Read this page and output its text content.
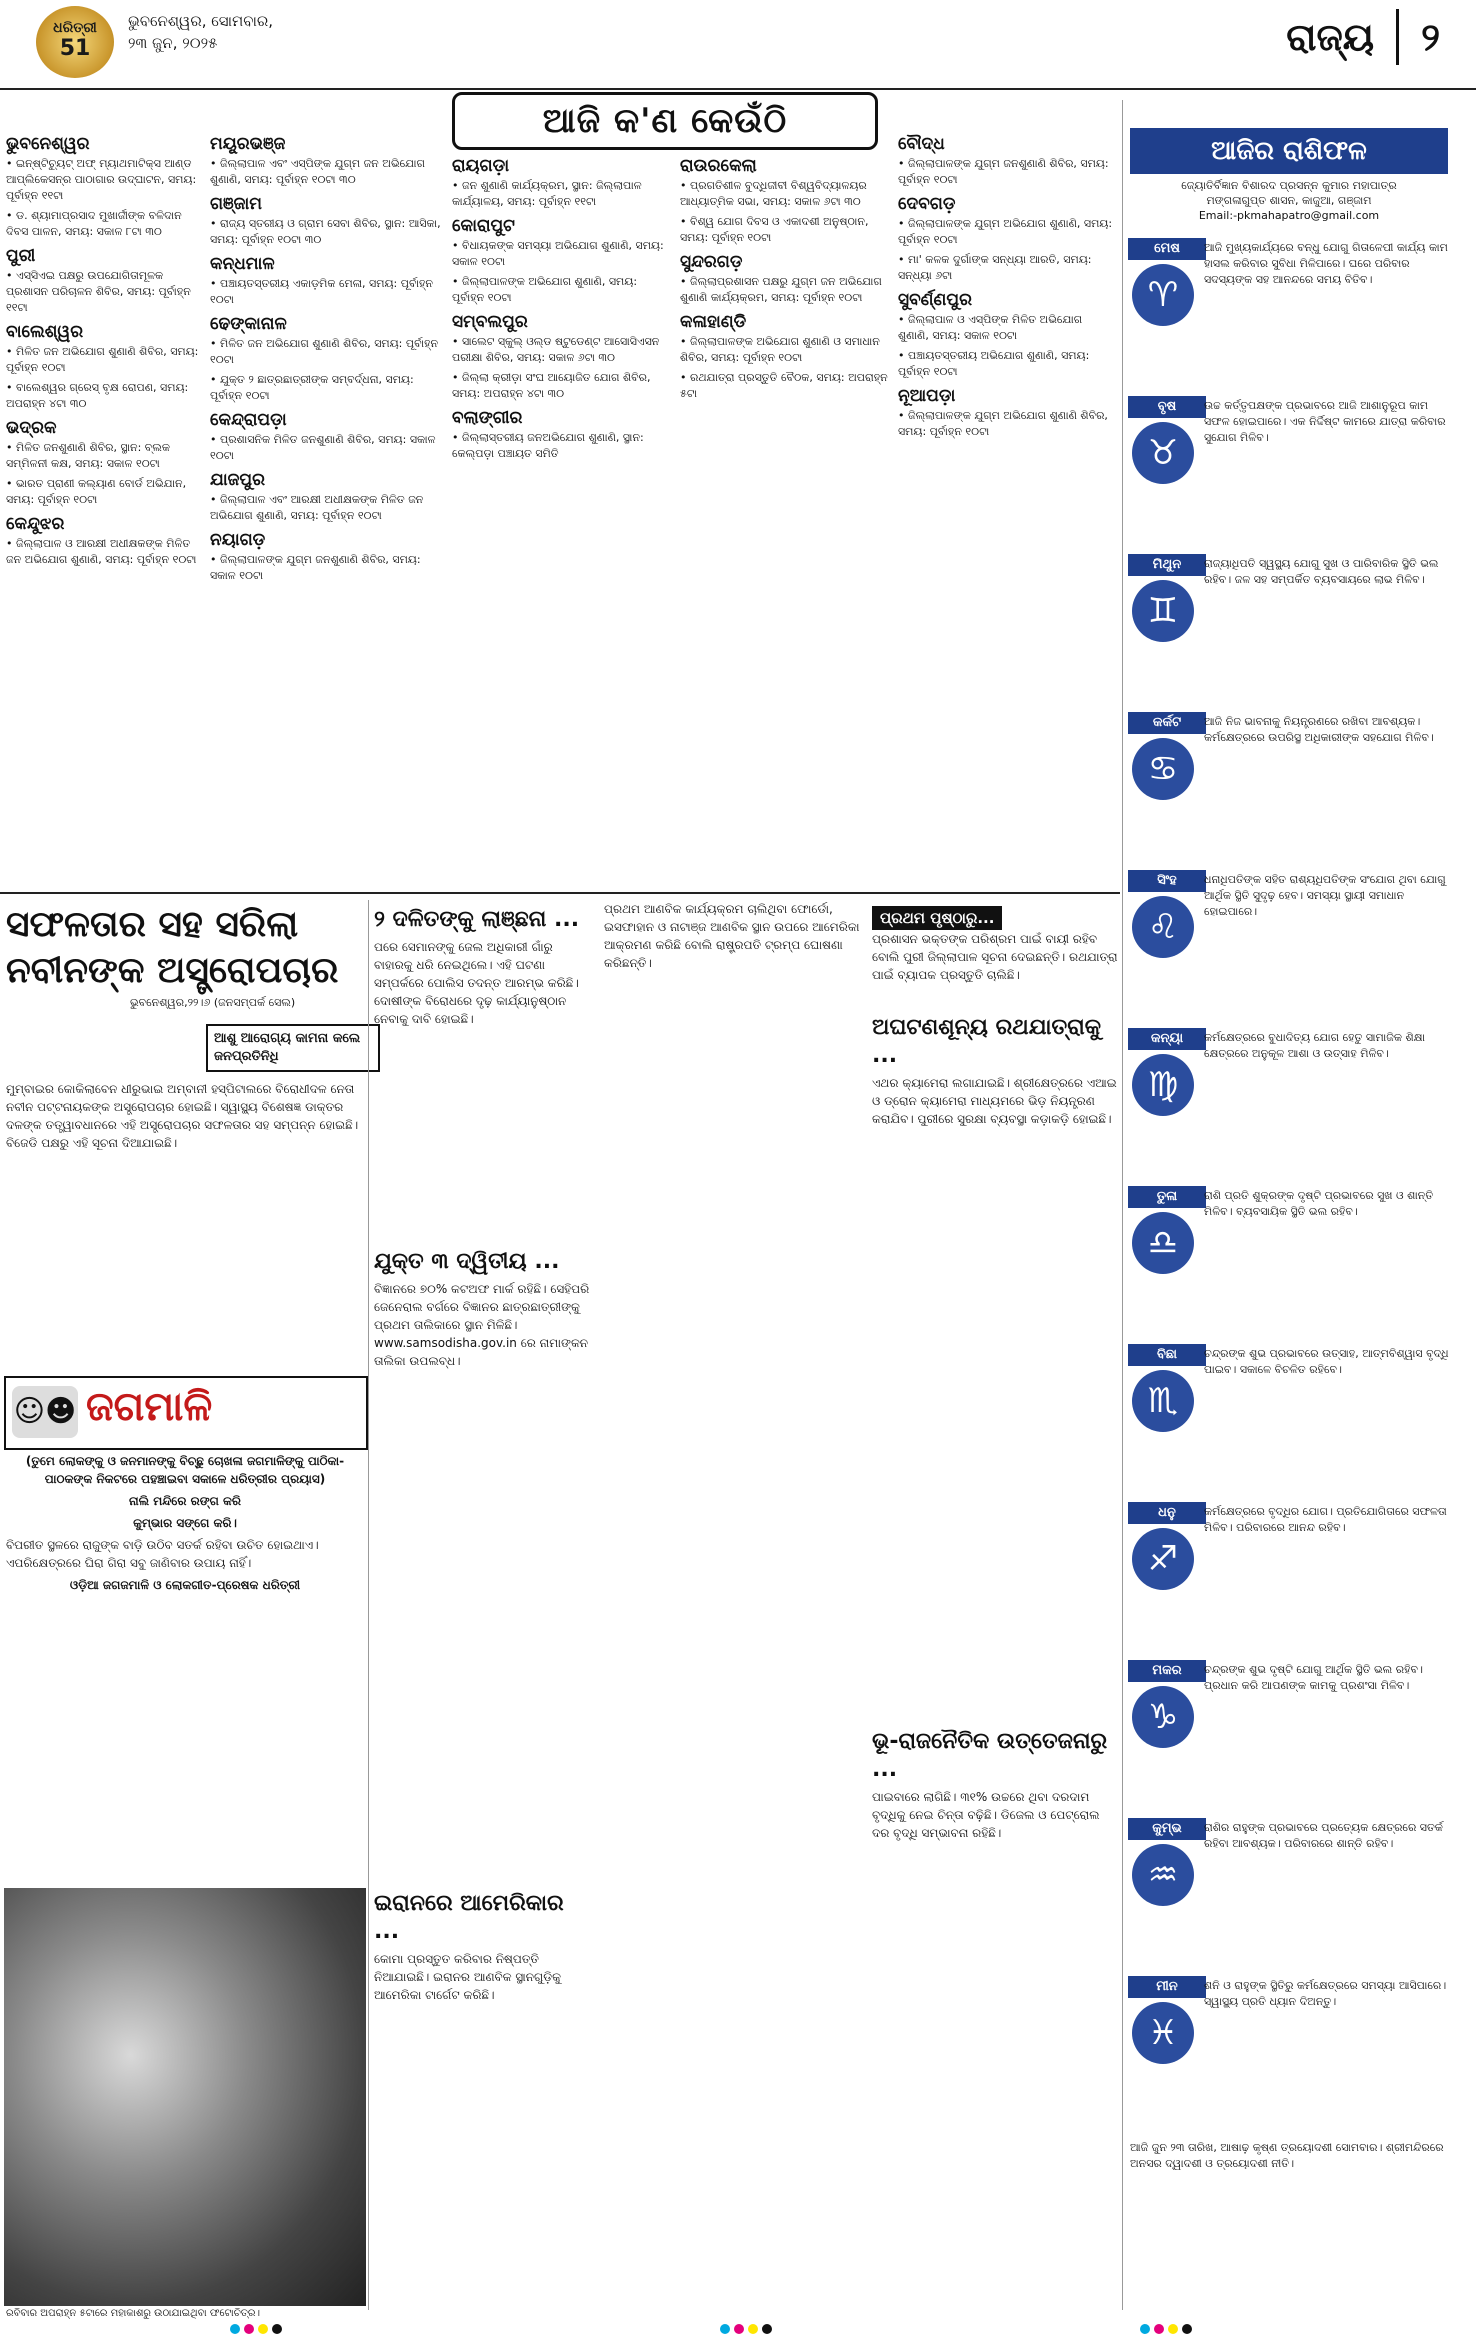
ଧରିତ୍ରୀ
51
ଭୁବନେଶ୍ୱର, ସୋମବାର,
୨୩ ଜୁନ, ୨୦୨୫	ରାଜ୍ୟ ୨
ଆଜି କ'ଣ କେଉଁଠି
ଭୁବନେଶ୍ୱର

• ଇନ୍‌ଷ୍ଟିଚ୍ୟୁଟ୍ ଅଫ୍ ମ୍ୟାଥମାଟିକ୍ସ ଆଣ୍ଡ ଆପ୍ଲିକେସନ୍‌ର ପାଠାଗାର ଉଦ୍‌ଘାଟନ, ସମୟ: ପୂର୍ବାହ୍ନ ୧୧ଟା

• ଡ. ଶ୍ୟାମାପ୍ରସାଦ ମୁଖାର୍ଜୀଙ୍କ ବଳିଦାନ ଦିବସ ପାଳନ, ସମୟ: ସକାଳ ୮ଟା ୩୦

ପୁରୀ

• ଏସ୍‌ସିଏଇ ପକ୍ଷରୁ ଉପଯୋଗିତାମୂଳକ ପ୍ରଶାସନ ପରିଚାଳନ ଶିବିର, ସମୟ: ପୂର୍ବାହ୍ନ ୧୧ଟା

ବାଲେଶ୍ୱର

• ମିଳିତ ଜନ ଅଭିଯୋଗ ଶୁଣାଣି ଶିବିର, ସମୟ: ପୂର୍ବାହ୍ନ ୧୦ଟା

• ବାଲେଶ୍ୱର ଗ୍ରେସ୍ ବୃକ୍ଷ ରୋପଣ, ସମୟ: ଅପରାହ୍ନ ୪ଟା ୩୦

ଭଦ୍ରକ

• ମିଳିତ ଜନଶୁଣାଣି ଶିବିର, ସ୍ଥାନ: ବ୍ଲକ ସମ୍ମିଳନୀ କକ୍ଷ, ସମୟ: ସକାଳ ୧୦ଟା

• ଭାରତ ପ୍ରାଣୀ କଲ୍ୟାଣ ବୋର୍ଡ ଅଭିଯାନ, ସମୟ: ପୂର୍ବାହ୍ନ ୧୦ଟା

କେନ୍ଦୁଝର

• ଜିଲ୍ଲାପାଳ ଓ ଆରକ୍ଷୀ ଅଧୀକ୍ଷକଙ୍କ ମିଳିତ ଜନ ଅଭିଯୋଗ ଶୁଣାଣି, ସମୟ: ପୂର୍ବାହ୍ନ ୧୦ଟା

ମୟୂରଭଞ୍ଜ

• ଜିଲ୍ଲାପାଳ ଏବଂ ଏସ୍‌ପିଙ୍କ ଯୁଗ୍ମ ଜନ ଅଭିଯୋଗ ଶୁଣାଣି, ସମୟ: ପୂର୍ବାହ୍ନ ୧୦ଟା ୩୦

ଗଞ୍ଜାମ

• ରାଜ୍ୟ ସ୍ତରୀୟ ଓ ଗ୍ରାମ ସେବା ଶିବିର, ସ୍ଥାନ: ଆସିକା, ସମୟ: ପୂର୍ବାହ୍ନ ୧୦ଟା ୩୦

କନ୍ଧମାଳ

• ପଞ୍ଚାୟତସ୍ତରୀୟ ଏକାଡ଼ମିକ ମେଳା, ସମୟ: ପୂର୍ବାହ୍ନ ୧୦ଟା

ଢେଙ୍କାନାଳ

• ମିଳିତ ଜନ ଅଭିଯୋଗ ଶୁଣାଣି ଶିବିର, ସମୟ: ପୂର୍ବାହ୍ନ ୧୦ଟା

• ଯୁକ୍ତ ୨ ଛାତ୍ରଛାତ୍ରୀଙ୍କ ସମ୍ବର୍ଦ୍ଧନା, ସମୟ: ପୂର୍ବାହ୍ନ ୧୦ଟା

କେନ୍ଦ୍ରାପଡ଼ା

• ପ୍ରଶାସନିକ ମିଳିତ ଜନଶୁଣାଣି ଶିବିର, ସମୟ: ସକାଳ ୧୦ଟା

ଯାଜପୁର

• ଜିଲ୍ଲାପାଳ ଏବଂ ଆରକ୍ଷୀ ଅଧୀକ୍ଷକଙ୍କ ମିଳିତ ଜନ ଅଭିଯୋଗ ଶୁଣାଣି, ସମୟ: ପୂର୍ବାହ୍ନ ୧୦ଟା

ନୟାଗଡ଼

• ଜିଲ୍ଲାପାଳଙ୍କ ଯୁଗ୍ମ ଜନଶୁଣାଣି ଶିବିର, ସମୟ: ସକାଳ ୧୦ଟା

ରାୟଗଡ଼ା

• ଜନ ଶୁଣାଣି କାର୍ଯ୍ୟକ୍ରମ, ସ୍ଥାନ: ଜିଲ୍ଲାପାଳ କାର୍ଯ୍ୟାଳୟ, ସମୟ: ପୂର୍ବାହ୍ନ ୧୧ଟା

କୋରାପୁଟ

• ବିଧାୟକଙ୍କ ସମସ୍ୟା ଅଭିଯୋଗ ଶୁଣାଣି, ସମୟ: ସକାଳ ୧୦ଟା

• ଜିଲ୍ଲାପାଳଙ୍କ ଅଭିଯୋଗ ଶୁଣାଣି, ସମୟ: ପୂର୍ବାହ୍ନ ୧୦ଟା

ସମ୍ବଲପୁର

• ସାଲେଟ ସ୍କୁଲ୍ ଓଲ୍ଡ ଷ୍ଟୁଡେଣ୍ଟ ଆସୋସିଏସନ ପରୀକ୍ଷା ଶିବିର, ସମୟ: ସକାଳ ୬ଟା ୩୦

• ଜିଲ୍ଲା କ୍ରୀଡ଼ା ସଂଘ ଆୟୋଜିତ ଯୋଗ ଶିବିର, ସମୟ: ଅପରାହ୍ନ ୪ଟା ୩୦

ବଲାଙ୍ଗୀର

• ଜିଲ୍ଲାସ୍ତରୀୟ ଜନଅଭିଯୋଗ ଶୁଣାଣି, ସ୍ଥାନ: କେଲ୍‌ପଡ଼ା ପଞ୍ଚାୟତ ସମିତି

ରାଉରକେଲା

• ପ୍ରଗତିଶୀଳ ବୁଦ୍ଧିଜୀବୀ ବିଶ୍ୱବିଦ୍ୟାଳୟର ଆଧ୍ୟାତ୍ମିକ ସଭା, ସମୟ: ସକାଳ ୬ଟା ୩୦

• ବିଶ୍ୱ ଯୋଗ ଦିବସ ଓ ଏକାଦଶୀ ଅନୁଷ୍ଠାନ, ସମୟ: ପୂର୍ବାହ୍ନ ୧୦ଟା

ସୁନ୍ଦରଗଡ଼

• ଜିଲ୍ଲାପ୍ରଶାସନ ପକ୍ଷରୁ ଯୁଗ୍ମ ଜନ ଅଭିଯୋଗ ଶୁଣାଣି କାର୍ଯ୍ୟକ୍ରମ, ସମୟ: ପୂର୍ବାହ୍ନ ୧୦ଟା

କଳାହାଣ୍ଡି

• ଜିଲ୍ଲାପାଳଙ୍କ ଅଭିଯୋଗ ଶୁଣାଣି ଓ ସମାଧାନ ଶିବିର, ସମୟ: ପୂର୍ବାହ୍ନ ୧୦ଟା

• ରଥଯାତ୍ରା ପ୍ରସ୍ତୁତି ବୈଠକ, ସମୟ: ଅପରାହ୍ନ ୫ଟା

ବୌଦ୍ଧ

• ଜିଲ୍ଲାପାଳଙ୍କ ଯୁଗ୍ମ ଜନଶୁଣାଣି ଶିବିର, ସମୟ: ପୂର୍ବାହ୍ନ ୧୦ଟା

ଦେବଗଡ଼

• ଜିଲ୍ଲାପାଳଙ୍କ ଯୁଗ୍ମ ଅଭିଯୋଗ ଶୁଣାଣି, ସମୟ: ପୂର୍ବାହ୍ନ ୧୦ଟା

• ମା' କଳକ ଦୁର୍ଗାଙ୍କ ସନ୍ଧ୍ୟା ଆରତି, ସମୟ: ସନ୍ଧ୍ୟା ୬ଟା

ସୁବର୍ଣ୍ଣପୁର

• ଜିଲ୍ଲାପାଳ ଓ ଏସ୍‌ପିଙ୍କ ମିଳିତ ଅଭିଯୋଗ ଶୁଣାଣି, ସମୟ: ସକାଳ ୧୦ଟା

• ପଞ୍ଚାୟତସ୍ତରୀୟ ଅଭିଯୋଗ ଶୁଣାଣି, ସମୟ: ପୂର୍ବାହ୍ନ ୧୦ଟା

ନୂଆପଡ଼ା

• ଜିଲ୍ଲାପାଳଙ୍କ ଯୁଗ୍ମ ଅଭିଯୋଗ ଶୁଣାଣି ଶିବିର, ସମୟ: ପୂର୍ବାହ୍ନ ୧୦ଟା

ଆଜିର ରାଶିଫଳ
ଜ୍ୟୋତିର୍ବିଜ୍ଞାନ ବିଶାରଦ ପ୍ରସନ୍ନ କୁମାର ମହାପାତ୍ର
ମଙ୍ଗଳାଗୁପ୍ତ ଶାସନ, କାଜୁଆ, ଗଞ୍ଜାମ
Email:-pkmahapatro@gmail.com
ମେଷ
♈
ଆଜି ମୁଖ୍ୟକାର୍ଯ୍ୟରେ ବନ୍ଧୁ ଯୋଗୁ ଗିତାଳେପୀ କାର୍ଯ୍ୟ କାମ ହାସଲ କରିବାର ସୁବିଧା ମିଳିପାରେ। ଘରେ ପରିବାର ସଦସ୍ୟଙ୍କ ସହ ଆନନ୍ଦରେ ସମୟ ବିତିବ।
ବୃଷ
♉
ଉଚ୍ଚ କର୍ତ୍ତୃପକ୍ଷଙ୍କ ପ୍ରଭାବରେ ଆଜି ଆଶାନୁରୂପ କାମ ସଫଳ ହୋଇପାରେ। ଏକ ନିର୍ଦ୍ଦିଷ୍ଟ କାମରେ ଯାତ୍ରା କରିବାର ସୁଯୋଗ ମିଳିବ।
ମିଥୁନ
♊
ରାଜ୍ୟାଧିପତି ସ୍ୱସ୍ଥ୍ୟ ଯୋଗୁ ସୁଖ ଓ ପାରିବାରିକ ସ୍ଥିତି ଭଲ ରହିବ। ଜଳ ସହ ସମ୍ପର୍କିତ ବ୍ୟବସାୟରେ ଲାଭ ମିଳିବ।
କର୍କଟ
♋
ଆଜି ନିଜ ଭାବନାକୁ ନିୟନ୍ତ୍ରଣରେ ରଖିବା ଆବଶ୍ୟକ। କର୍ମକ୍ଷେତ୍ରରେ ଉପରିସ୍ଥ ଅଧିକାରୀଙ୍କ ସହଯୋଗ ମିଳିବ।
ସିଂହ
♌
ଧନାଧିପତିଙ୍କ ସହିତ ରାଶ୍ୟଧିପତିଙ୍କ ସଂଯୋଗ ଥିବା ଯୋଗୁ ଆର୍ଥିକ ସ୍ଥିତି ସୁଦୃଢ଼ ହେବ। ସମସ୍ୟା ସ୍ଥାୟୀ ସମାଧାନ ହୋଇପାରେ।
କନ୍ୟା
♍
କର୍ମକ୍ଷେତ୍ରରେ ବୁଧାଦିତ୍ୟ ଯୋଗ ହେତୁ ସାମାଜିକ ଶିକ୍ଷା କ୍ଷେତ୍ରରେ ଅନୁକୂଳ ଆଶା ଓ ଉତ୍ସାହ ମିଳିବ।
ତୁଳା
♎
ରାଶି ପ୍ରତି ଶୁକ୍ରଙ୍କ ଦୃଷ୍ଟି ପ୍ରଭାବରେ ସୁଖ ଓ ଶାନ୍ତି ମିଳିବ। ବ୍ୟବସାୟିକ ସ୍ଥିତି ଭଲ ରହିବ।
ବିଛା
♏
ଚନ୍ଦ୍ରଙ୍କ ଶୁଭ ପ୍ରଭାବରେ ଉତ୍ସାହ, ଆତ୍ମବିଶ୍ୱାସ ବୃଦ୍ଧି ପାଇବ। ସକାଳେ ବିଚଳିତ ରହିବେ।
ଧନୁ
♐
କର୍ମକ୍ଷେତ୍ରରେ ବୃଦ୍ଧିର ଯୋଗ। ପ୍ରତିଯୋଗିତାରେ ସଫଳତା ମିଳିବ। ପରିବାରରେ ଆନନ୍ଦ ରହିବ।
ମକର
♑
ଚନ୍ଦ୍ରଙ୍କ ଶୁଭ ଦୃଷ୍ଟି ଯୋଗୁ ଆର୍ଥିକ ସ୍ଥିତି ଭଲ ରହିବ। ପ୍ରଧାନ କରି ଆପଣଙ୍କ କାମକୁ ପ୍ରଶଂସା ମିଳିବ।
କୁମ୍ଭ
♒
ରାଶିର ରାହୁଙ୍କ ପ୍ରଭାବରେ ପ୍ରତ୍ୟେକ କ୍ଷେତ୍ରରେ ସତର୍କ ରହିବା ଆବଶ୍ୟକ। ପରିବାରରେ ଶାନ୍ତି ରହିବ।
ମୀନ
♓
ଶନି ଓ ରାହୁଙ୍କ ସ୍ଥିତିରୁ କର୍ମକ୍ଷେତ୍ରରେ ସମସ୍ୟା ଆସିପାରେ। ସ୍ୱାସ୍ଥ୍ୟ ପ୍ରତି ଧ୍ୟାନ ଦିଅନ୍ତୁ।
ଆଜି ଜୁନ ୨୩ ତାରିଖ, ଆଷାଢ଼ କୃଷ୍ଣ ତ୍ରୟୋଦଶୀ ସୋମବାର। ଶ୍ରୀମନ୍ଦିରରେ ଅନସର ଦ୍ୱାଦଶୀ ଓ ତ୍ରୟୋଦଶୀ ନୀତି।
ସଫଳତାର ସହ ସରିଲା ନବୀନଙ୍କ ଅସ୍ତ୍ରୋପଚାର
ଭୁବନେଶ୍ୱର,୨୨।୬ (ଜନସମ୍ପର୍କ ସେଲ)
ଆଶୁ ଆରୋଗ୍ୟ କାମନା କଲେ ଜନପ୍ରତିନିଧି
ମୁମ୍ବାଇର କୋକିଲାବେନ ଧୀରୁଭାଇ ଅମ୍ବାନୀ ହସ୍ପିଟାଲରେ ବିରୋଧୀଦଳ ନେତା ନବୀନ ପଟ୍ଟନାୟକଙ୍କ ଅସ୍ତ୍ରୋପଚାର ହୋଇଛି। ସ୍ୱାସ୍ଥ୍ୟ ବିଶେଷଜ୍ଞ ଡାକ୍ତର ଦଳଙ୍କ ତତ୍ତ୍ୱାବଧାନରେ ଏହି ଅସ୍ତ୍ରୋପଚାର ସଫଳତାର ସହ ସମ୍ପନ୍ନ ହୋଇଛି। ବିଜେଡି ପକ୍ଷରୁ ଏହି ସୂଚନା ଦିଆଯାଇଛି।
☺☻ ଜଗମାଳି

(ତୁମେ ଲୋକଙ୍କୁ ଓ ଜନମାନଙ୍କୁ ବିଚ୍ଛୁ ଚୋଖଳା ଜଗମାଳିଙ୍କୁ ପାଠିକା-ପାଠକଙ୍କ ନିକଟରେ ପହଞ୍ଚାଇବା ସକାଳେ ଧରିତ୍ରୀର ପ୍ରୟାସ)

ନାଲି ମନ୍ଦିରେ ରଙ୍ଗ କରି

କୁମ୍ଭାର ସଙ୍ଗେ କରି।

ବିପରୀତ ସ୍ଥଳରେ ରାଜୁଙ୍କ ବାଡ଼ି ଉଠିବ ସତର୍କ ରହିବା ଉଚିତ ହୋଇଥାଏ। ଏପରିକ୍ଷେତ୍ରରେ ଘିରା ଗିରା ସବୁ ଜାଣିବାର ଉପାୟ ନାହିଁ।

ଓଡ଼ିଆ ଜଗଜମାଳି ଓ ଲୋକଗୀତ-ପ୍ରେଷକ ଧରିତ୍ରୀ

ରବିବାର ଅପରାହ୍ନ ୫ଟାରେ ମହାକାଶରୁ ଉଠାଯାଇଥିବା ଫଟୋଚିତ୍ର।
୨ ଦଳିତଙ୍କୁ ଲାଞ୍ଛନା ...

ପରେ ସେମାନଙ୍କୁ ଜେଲ ଅଧିକାରୀ ଗାଁରୁ ବାହାରକୁ ଧରି ନେଇଥିଲେ। ଏହି ଘଟଣା ସମ୍ପର୍କରେ ପୋଲିସ ତଦନ୍ତ ଆରମ୍ଭ କରିଛି। ଦୋଷୀଙ୍କ ବିରୋଧରେ ଦୃଢ଼ କାର୍ଯ୍ୟାନୁଷ୍ଠାନ ନେବାକୁ ଦାବି ହୋଇଛି।

ଯୁକ୍ତ ୩ ଦ୍ୱିତୀୟ ...

ବିଜ୍ଞାନରେ ୭୦% କଟଅଫ ମାର୍କ ରହିଛି। ସେହିପରି ଜେନେରାଲ ବର୍ଗରେ ବିଜ୍ଞାନର ଛାତ୍ରଛାତ୍ରୀଙ୍କୁ ପ୍ରଥମ ତାଲିକାରେ ସ୍ଥାନ ମିଳିଛି। www.samsodisha.gov.in ରେ ନାମାଙ୍କନ ତାଲିକା ଉପଲବ୍ଧ।

ଇରାନରେ ଆମେରିକାର ...

କୋମା ପ୍ରସ୍ତୁତ କରିବାର ନିଷ୍ପତ୍ତି ନିଆଯାଇଛି। ଇରାନର ଆଣବିକ ସ୍ଥାନଗୁଡ଼ିକୁ ଆମେରିକା ଟାର୍ଗେଟ କରିଛି।

ପ୍ରଥମ ଆଣବିକ କାର୍ଯ୍ୟକ୍ରମ ଚାଲିଥିବା ଫୋର୍ଡୋ, ଇସଫାହାନ ଓ ନାଟାଞ୍ଜ ଆଣବିକ ସ୍ଥାନ ଉପରେ ଆମେରିକା ଆକ୍ରମଣ କରିଛି ବୋଲି ରାଷ୍ଟ୍ରପତି ଟ୍ରମ୍ପ ଘୋଷଣା କରିଛନ୍ତି।

ପ୍ରଥମ ପୃଷ୍ଠାରୁ...

ପ୍ରଶାସନ ଭକ୍ତଙ୍କ ପରିଶ୍ରମ ପାଇଁ ବାୟୀ ରହିବ ବୋଲି ପୁରୀ ଜିଲ୍ଲାପାଳ ସୂଚନା ଦେଇଛନ୍ତି। ରଥଯାତ୍ରା ପାଇଁ ବ୍ୟାପକ ପ୍ରସ୍ତୁତି ଚାଲିଛି।

ଅଘଟଣଶୂନ୍ୟ ରଥଯାତ୍ରାକୁ ...

ଏଥର କ୍ୟାମେରା ଲଗାଯାଇଛି। ଶ୍ରୀକ୍ଷେତ୍ରରେ ଏଆଇ ଓ ଡ୍ରୋନ କ୍ୟାମେରା ମାଧ୍ୟମରେ ଭିଡ଼ ନିୟନ୍ତ୍ରଣ କରାଯିବ। ପୁରୀରେ ସୁରକ୍ଷା ବ୍ୟବସ୍ଥା କଡ଼ାକଡ଼ି ହୋଇଛି।

ଭୂ-ରାଜନୈତିକ ଉତ୍ତେଜନାରୁ ...

ପାଇବାରେ ଲାଗିଛି। ୩୧% ଉଚ୍ଚରେ ଥିବା ଦରଦାମ ବୃଦ୍ଧିକୁ ନେଇ ଚିନ୍ତା ବଢ଼ିଛି। ଡିଜେଲ ଓ ପେଟ୍ରୋଲ ଦର ବୃଦ୍ଧି ସମ୍ଭାବନା ରହିଛି।
